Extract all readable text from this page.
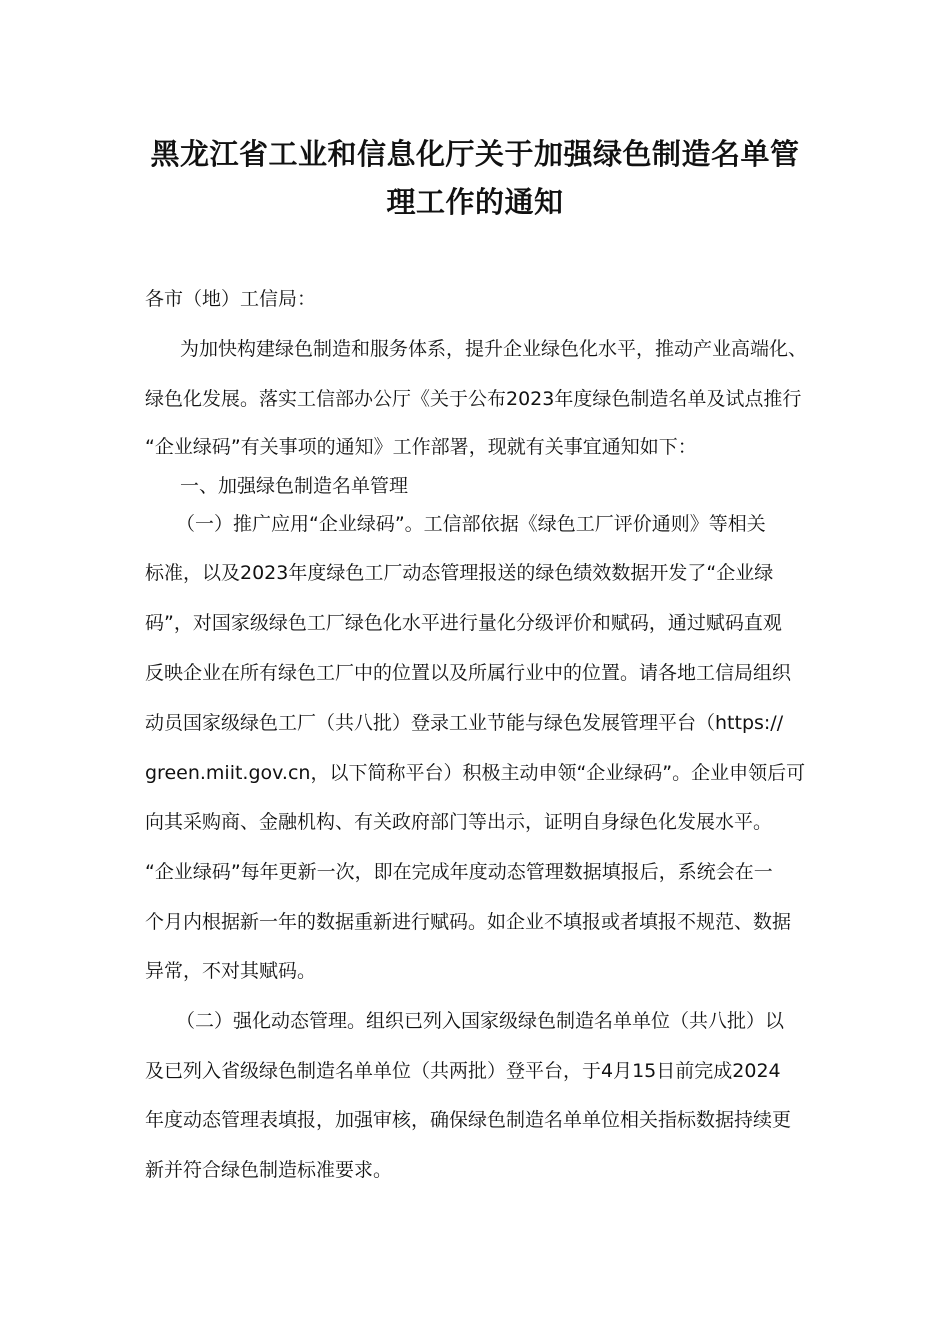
黑龙江省工业和信息化厅关于加强绿色制造名单管
理工作的通知
各市（地）工信局：
为加快构建绿色制造和服务体系，提升企业绿色化水平，推动产业高端化、
绿色化发展。落实工信部办公厅《关于公布2023年度绿色制造名单及试点推行
“企业绿码”有关事项的通知》工作部署，现就有关事宜通知如下：
一、加强绿色制造名单管理
（一）推广应用“企业绿码”。工信部依据《绿色工厂评价通则》等相关
标准，以及2023年度绿色工厂动态管理报送的绿色绩效数据开发了“企业绿
码”，对国家级绿色工厂绿色化水平进行量化分级评价和赋码，通过赋码直观
反映企业在所有绿色工厂中的位置以及所属行业中的位置。请各地工信局组织
动员国家级绿色工厂（共八批）登录工业节能与绿色发展管理平台（https://
green.miit.gov.cn，以下简称平台）积极主动申领“企业绿码”。企业申领后可
向其采购商、金融机构、有关政府部门等出示，证明自身绿色化发展水平。
“企业绿码”每年更新一次，即在完成年度动态管理数据填报后，系统会在一
个月内根据新一年的数据重新进行赋码。如企业不填报或者填报不规范、数据
异常，不对其赋码。
（二）强化动态管理。组织已列入国家级绿色制造名单单位（共八批）以
及已列入省级绿色制造名单单位（共两批）登平台，于4月15日前完成2024
年度动态管理表填报，加强审核，确保绿色制造名单单位相关指标数据持续更
新并符合绿色制造标准要求。
